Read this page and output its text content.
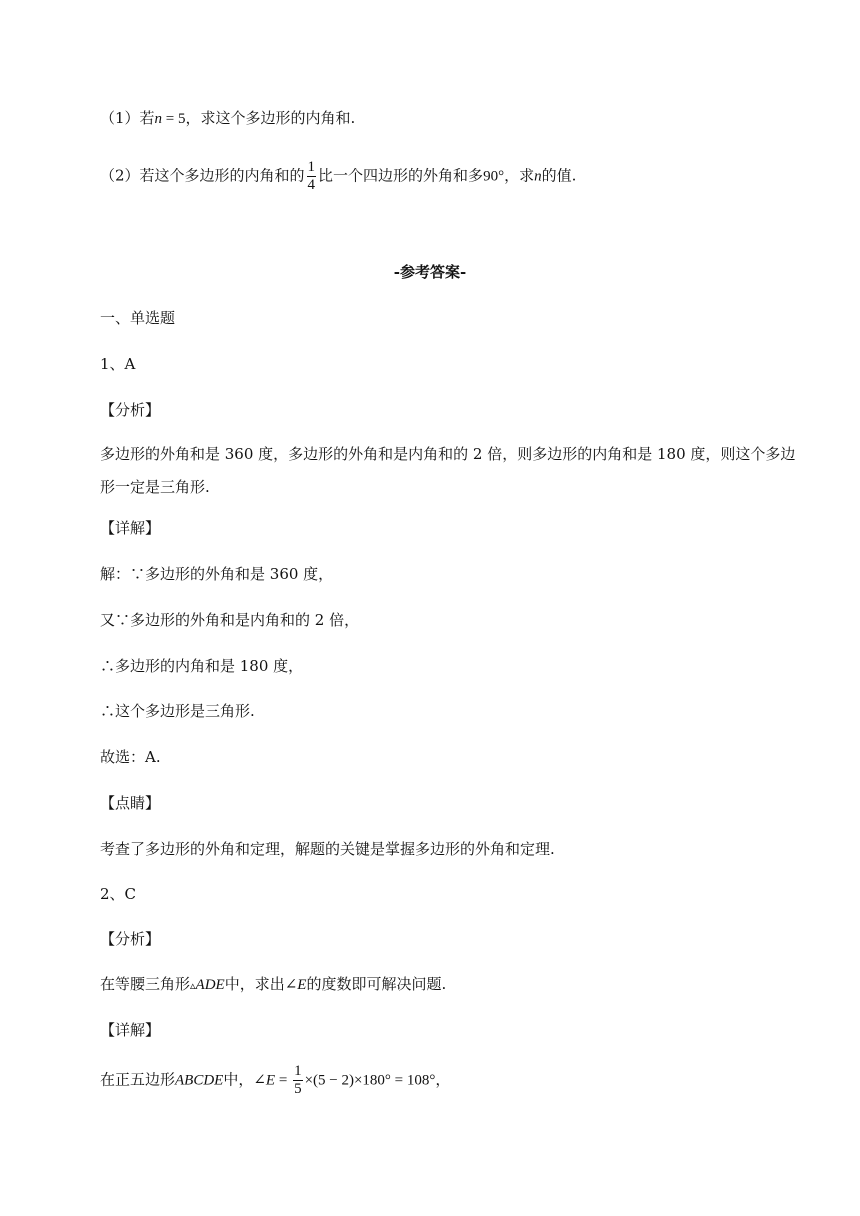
（1）若n = 5，求这个多边形的内角和.
（2）若这个多边形的内角和的 $\frac{1}{4}$ 比一个四边形的外角和多90°，求n的值.
-参考答案-
一、单选题
1、A
【分析】
多边形的外角和是 360 度，多边形的外角和是内角和的 2 倍，则多边形的内角和是 180 度，则这个多边形一定是三角形.
【详解】
解：∵多边形的外角和是 360 度，
又∵多边形的外角和是内角和的 2 倍，
∴多边形的内角和是 180 度，
∴这个多边形是三角形.
故选：A.
【点睛】
考查了多边形的外角和定理，解题的关键是掌握多边形的外角和定理.
2、C
【分析】
在等腰三角形▵ADE中，求出∠E的度数即可解决问题.
【详解】
在正五边形ABCDE中，∠E = $\frac{1}{5} \times(5 - 2)\times 180^\circ = 108^\circ$，
